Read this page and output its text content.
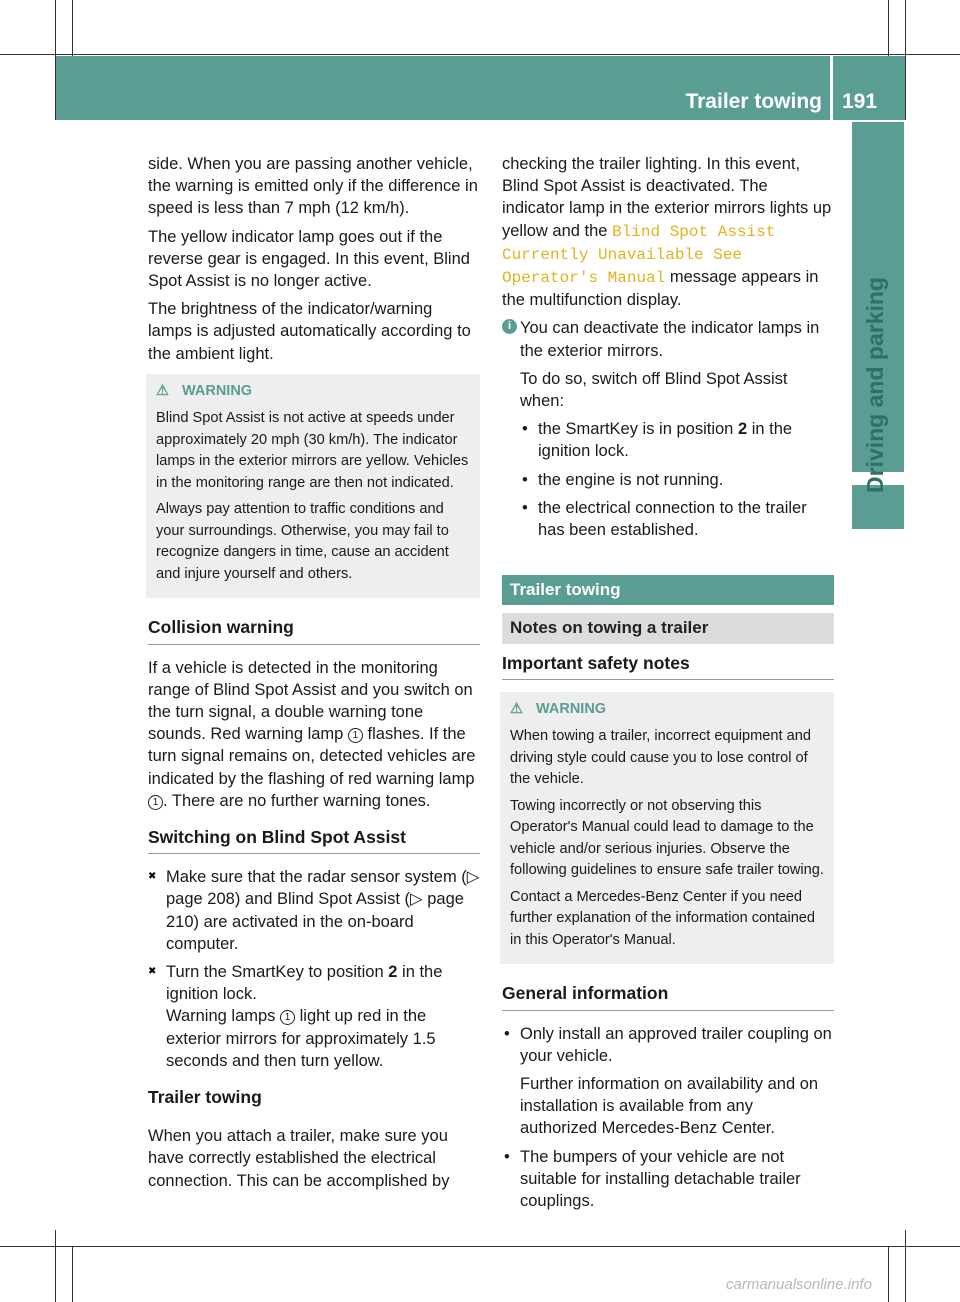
Trailer towing 191
Driving and parking

side. When you are passing another vehicle, the warning is emitted only if the difference in speed is less than 7 mph (12 km/h).

The yellow indicator lamp goes out if the reverse gear is engaged. In this event, Blind Spot Assist is no longer active.

The brightness of the indicator/warning lamps is adjusted automatically according to the ambient light.

⚠ WARNING

Blind Spot Assist is not active at speeds under approximately 20 mph (30 km/h). The indicator lamps in the exterior mirrors are yellow. Vehicles in the monitoring range are then not indicated.

Always pay attention to traffic conditions and your surroundings. Otherwise, you may fail to recognize dangers in time, cause an accident and injure yourself and others.

Collision warning

If a vehicle is detected in the monitoring range of Blind Spot Assist and you switch on the turn signal, a double warning tone sounds. Red warning lamp 1 flashes. If the turn signal remains on, detected vehicles are indicated by the flashing of red warning lamp 1 . There are no further warning tones.

Switching on Blind Spot Assist
✖ Make sure that the radar sensor system (▷ page 208) and Blind Spot Assist (▷ page 210) are activated in the on-board computer.
✖ Turn the SmartKey to position 2 in the ignition lock.
Warning lamps 1 light up red in the exterior mirrors for approximately 1.5 seconds and then turn yellow.
Trailer towing

When you attach a trailer, make sure you have correctly established the electrical connection. This can be accomplished by

checking the trailer lighting. In this event, Blind Spot Assist is deactivated. The indicator lamp in the exterior mirrors lights up yellow and the Blind Spot Assist Currently Unavailable See Operator's Manual message appears in the multifunction display.

i You can deactivate the indicator lamps in the exterior mirrors.

To do so, switch off Blind Spot Assist when:

• the SmartKey is in position 2 in the ignition lock.
• the engine is not running.
• the electrical connection to the trailer has been established.
Trailer towing
Notes on towing a trailer
Important safety notes
⚠ WARNING

When towing a trailer, incorrect equipment and driving style could cause you to lose control of the vehicle.

Towing incorrectly or not observing this Operator's Manual could lead to damage to the vehicle and/or serious injuries. Observe the following guidelines to ensure safe trailer towing.

Contact a Mercedes-Benz Center if you need further explanation of the information contained in this Operator's Manual.

General information

• Only install an approved trailer coupling on your vehicle.

Further information on availability and on installation is available from any authorized Mercedes-Benz Center.

• The bumpers of your vehicle are not suitable for installing detachable trailer couplings.
carmanualsonline.info
